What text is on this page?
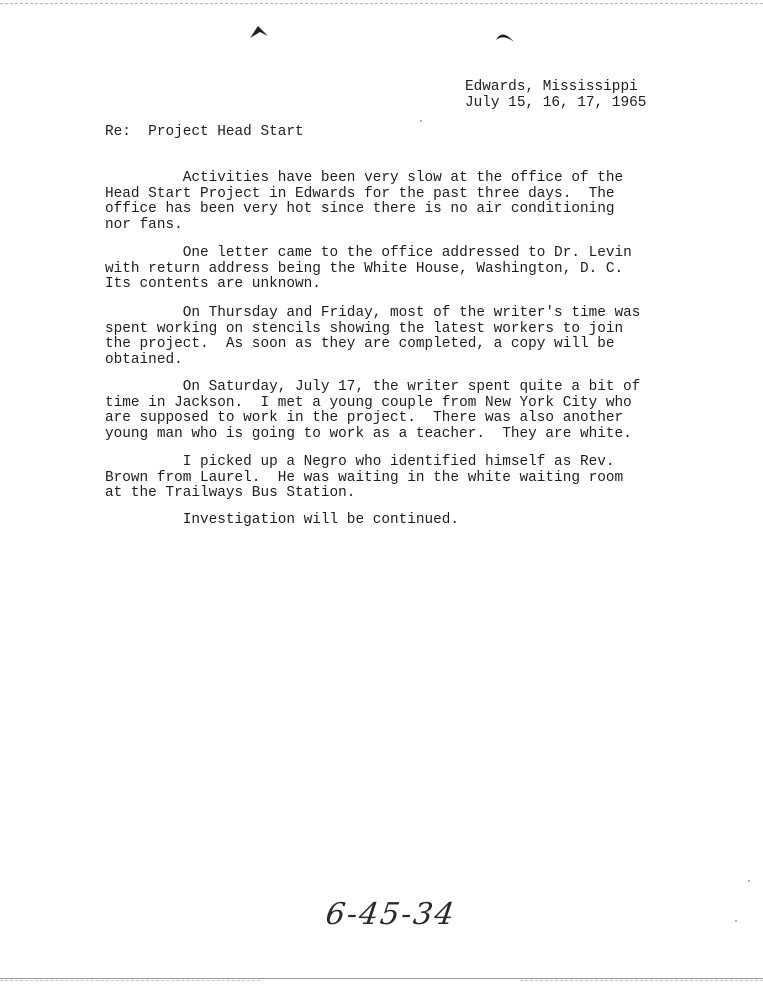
Edwards, Mississippi
July 15, 16, 17, 1965
Re:  Project Head Start

Activities have been very slow at the office of the
Head Start Project in Edwards for the past three days.  The
office has been very hot since there is no air conditioning
nor fans.

One letter came to the office addressed to Dr. Levin
with return address being the White House, Washington, D. C.
Its contents are unknown.

On Thursday and Friday, most of the writer's time was
spent working on stencils showing the latest workers to join
the project.  As soon as they are completed, a copy will be
obtained.

On Saturday, July 17, the writer spent quite a bit of
time in Jackson.  I met a young couple from New York City who
are supposed to work in the project.  There was also another
young man who is going to work as a teacher.  They are white.

I picked up a Negro who identified himself as Rev.
Brown from Laurel.  He was waiting in the white waiting room
at the Trailways Bus Station.

Investigation will be continued.

6-45-34
